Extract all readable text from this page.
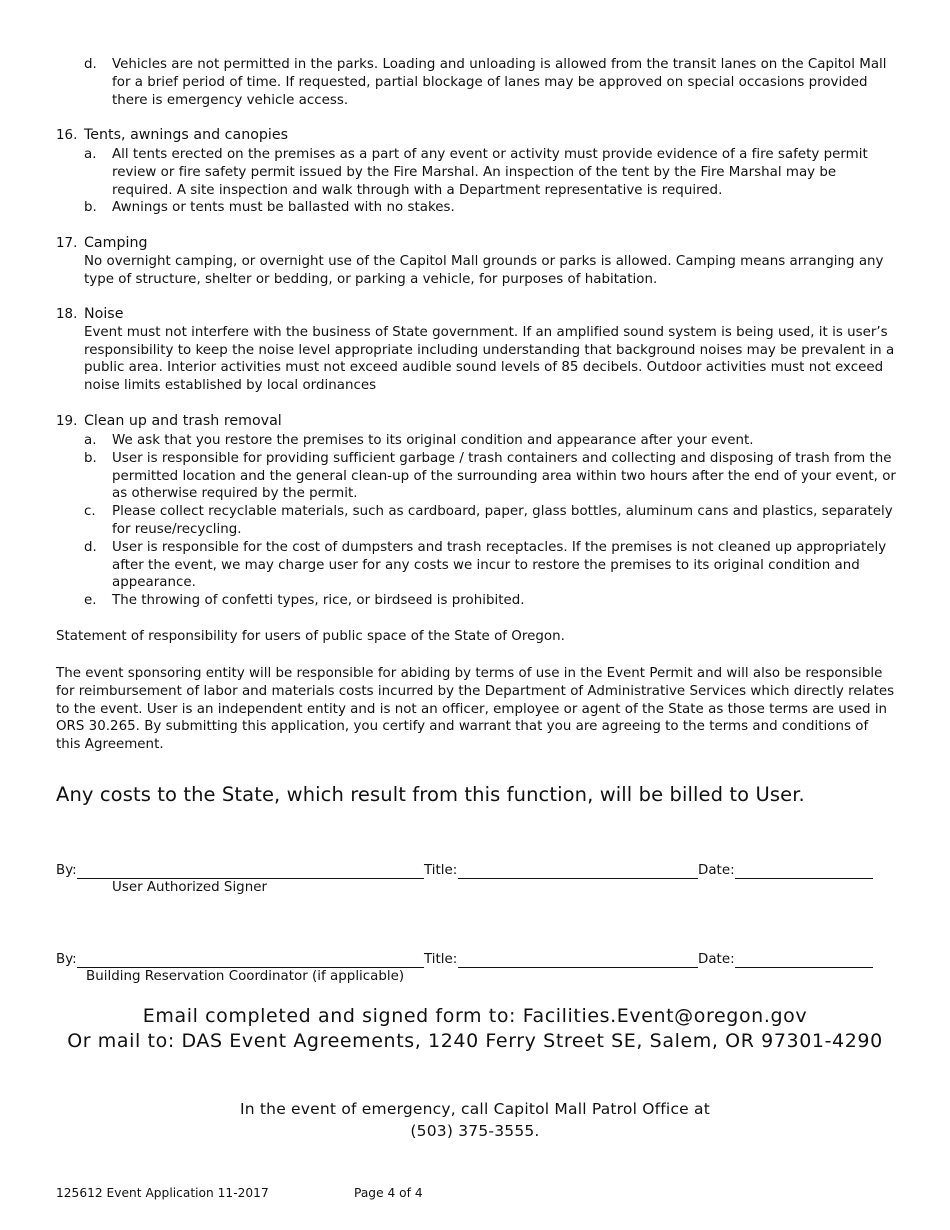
d. Vehicles are not permitted in the parks. Loading and unloading is allowed from the transit lanes on the Capitol Mall for a brief period of time. If requested, partial blockage of lanes may be approved on special occasions provided there is emergency vehicle access.
16. Tents, awnings and canopies
a. All tents erected on the premises as a part of any event or activity must provide evidence of a fire safety permit review or fire safety permit issued by the Fire Marshal. An inspection of the tent by the Fire Marshal may be required. A site inspection and walk through with a Department representative is required.
b. Awnings or tents must be ballasted with no stakes.
17. Camping
No overnight camping, or overnight use of the Capitol Mall grounds or parks is allowed. Camping means arranging any type of structure, shelter or bedding, or parking a vehicle, for purposes of habitation.
18. Noise
Event must not interfere with the business of State government. If an amplified sound system is being used, it is user’s responsibility to keep the noise level appropriate including understanding that background noises may be prevalent in a public area. Interior activities must not exceed audible sound levels of 85 decibels. Outdoor activities must not exceed noise limits established by local ordinances
19. Clean up and trash removal
a. We ask that you restore the premises to its original condition and appearance after your event.
b. User is responsible for providing sufficient garbage / trash containers and collecting and disposing of trash from the permitted location and the general clean-up of the surrounding area within two hours after the end of your event, or as otherwise required by the permit.
c. Please collect recyclable materials, such as cardboard, paper, glass bottles, aluminum cans and plastics, separately for reuse/recycling.
d. User is responsible for the cost of dumpsters and trash receptacles. If the premises is not cleaned up appropriately after the event, we may charge user for any costs we incur to restore the premises to its original condition and appearance.
e. The throwing of confetti types, rice, or birdseed is prohibited.
Statement of responsibility for users of public space of the State of Oregon.
The event sponsoring entity will be responsible for abiding by terms of use in the Event Permit and will also be responsible for reimbursement of labor and materials costs incurred by the Department of Administrative Services which directly relates to the event. User is an independent entity and is not an officer, employee or agent of the State as those terms are used in ORS 30.265. By submitting this application, you certify and warrant that you are agreeing to the terms and conditions of this Agreement.
Any costs to the State, which result from this function, will be billed to User.
By:	Title:	Date:
User Authorized Signer
By:	Title:	Date:
Building Reservation Coordinator (if applicable)
Email completed and signed form to: Facilities.Event@oregon.gov
Or mail to: DAS Event Agreements, 1240 Ferry Street SE, Salem, OR 97301-4290
In the event of emergency, call Capitol Mall Patrol Office at
(503) 375-3555.
125612 Event Application 11-2017	Page 4 of 4
